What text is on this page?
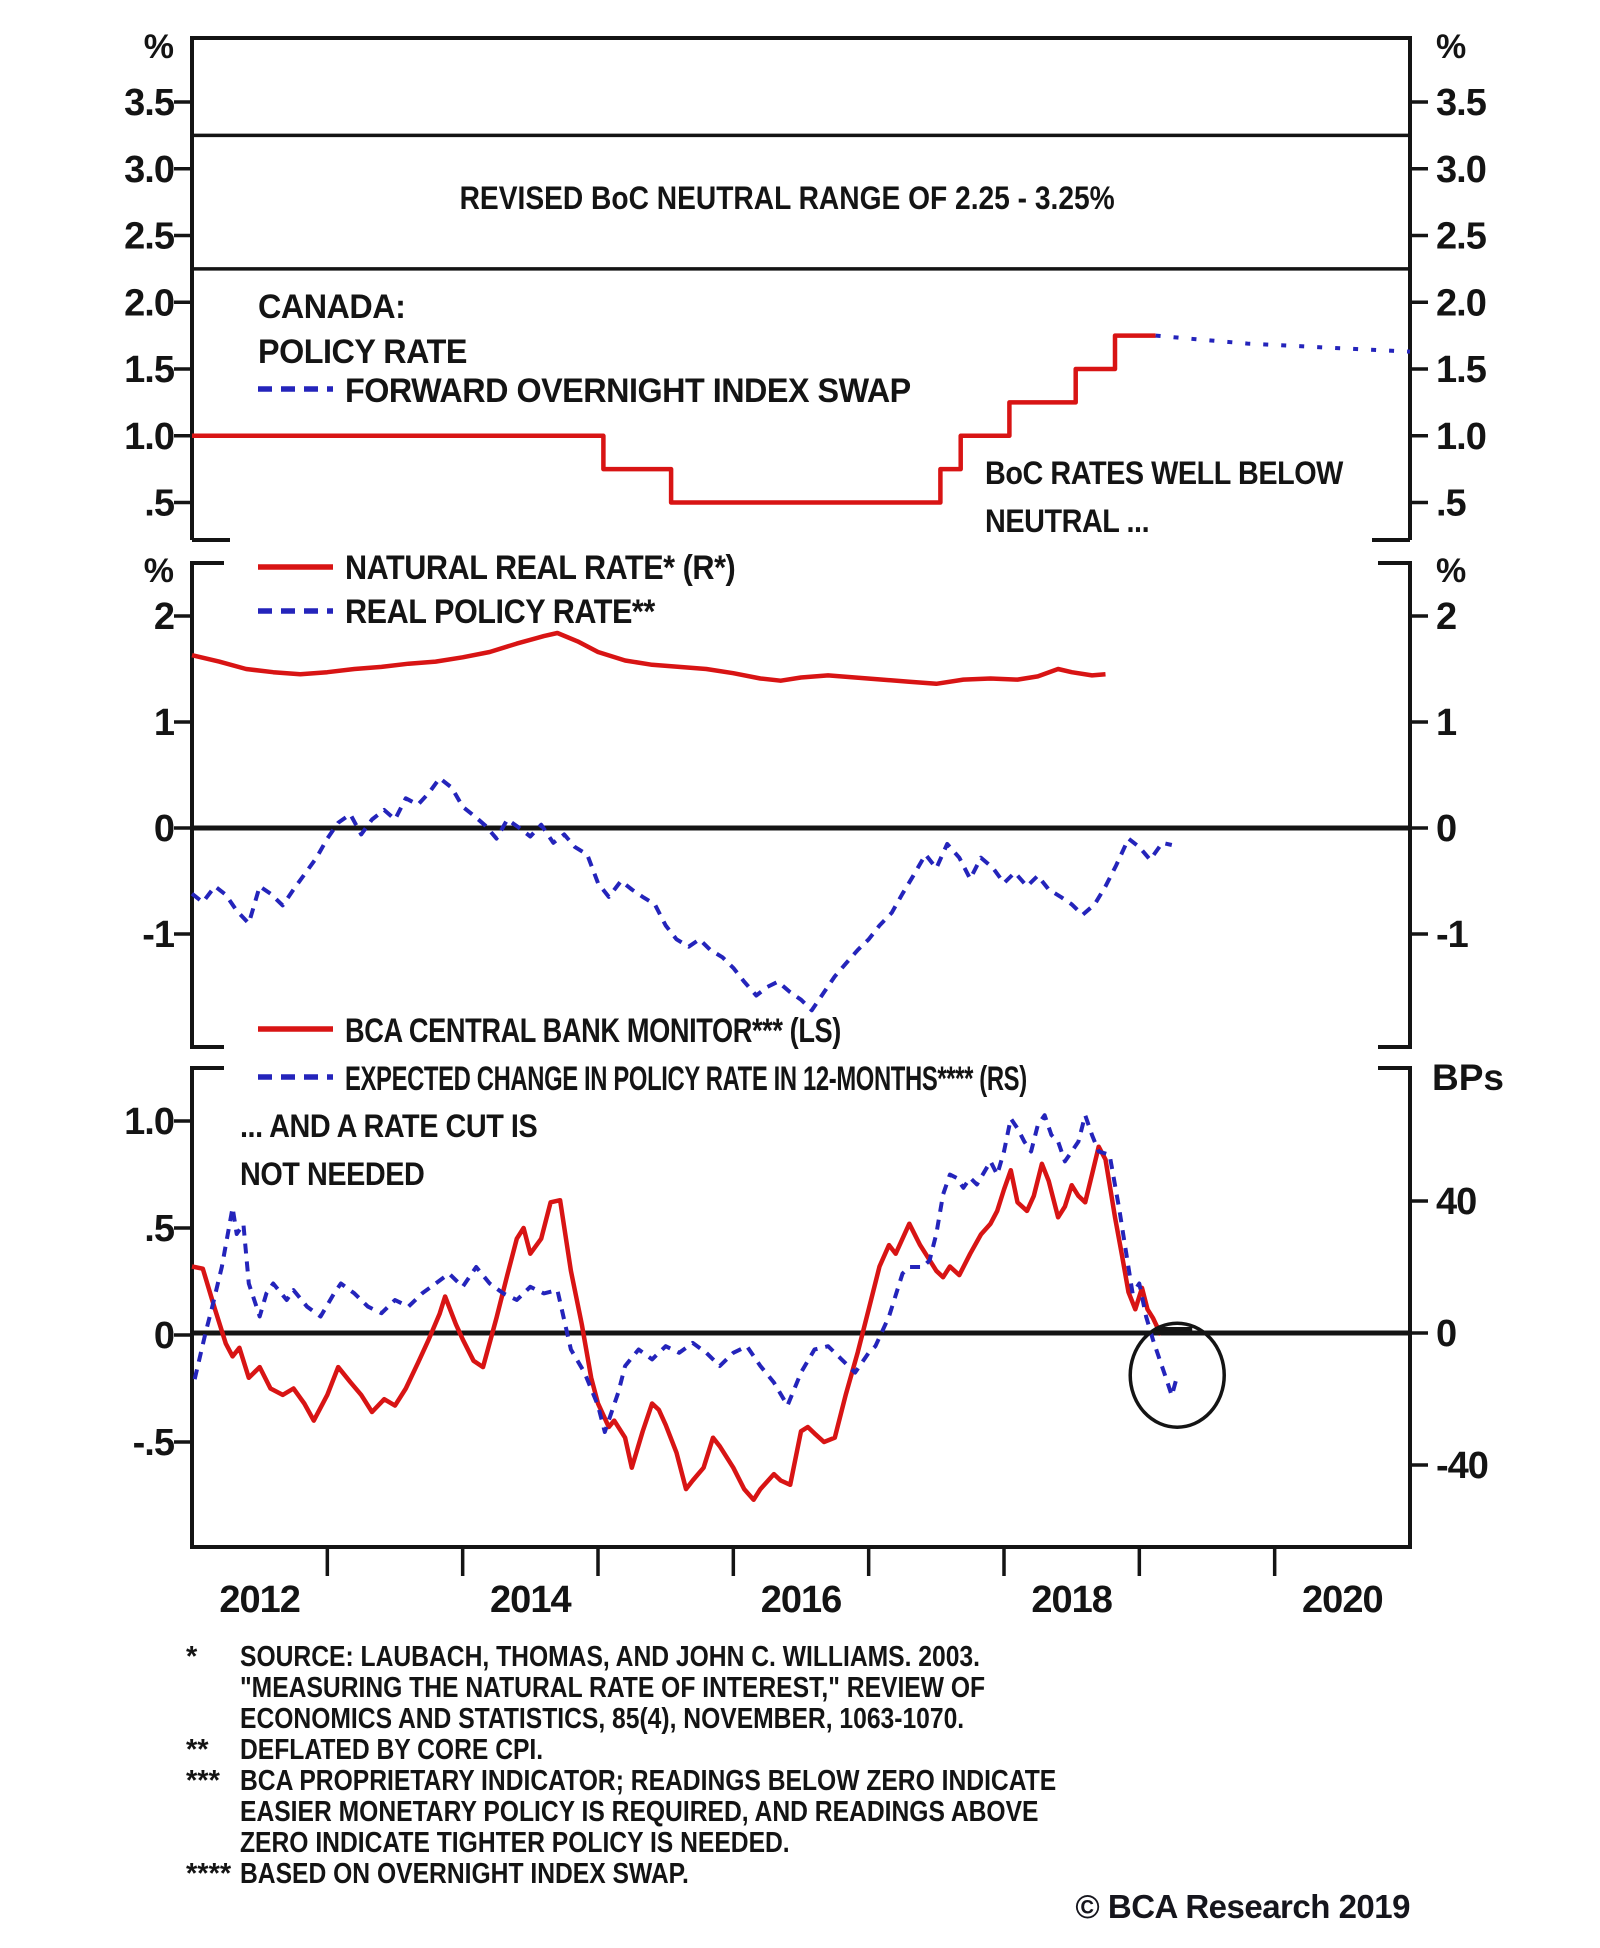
3.5	3.5
3.0	3.0
2.5	2.5
2.0	2.0
1.5	1.5
1.0	1.0
.5	.5
2	2
1	1
0	0
-1	-1
1.0
.5
0
-.5
40
0
-40
%	%
%	%
BPs
2012	2014	2016	2018	2020
REVISED BoC NEUTRAL RANGE OF 2.25 - 3.25%
CANADA:
POLICY RATE
FORWARD OVERNIGHT INDEX SWAP
BoC RATES WELL BELOW
NEUTRAL ...
NATURAL REAL RATE* (R*)
REAL POLICY RATE**
BCA CENTRAL BANK MONITOR*** (LS)
EXPECTED CHANGE IN POLICY RATE IN 12-MONTHS**** (RS)
... AND A RATE CUT IS
NOT NEEDED
* SOURCE: LAUBACH, THOMAS, AND JOHN C. WILLIAMS. 2003.
"MEASURING THE NATURAL RATE OF INTEREST," REVIEW OF
ECONOMICS AND STATISTICS, 85(4), NOVEMBER, 1063-1070.
** DEFLATED BY CORE CPI.
*** BCA PROPRIETARY INDICATOR; READINGS BELOW ZERO INDICATE
EASIER MONETARY POLICY IS REQUIRED, AND READINGS ABOVE
ZERO INDICATE TIGHTER POLICY IS NEEDED.
**** BASED ON OVERNIGHT INDEX SWAP.
© BCA Research 2019
